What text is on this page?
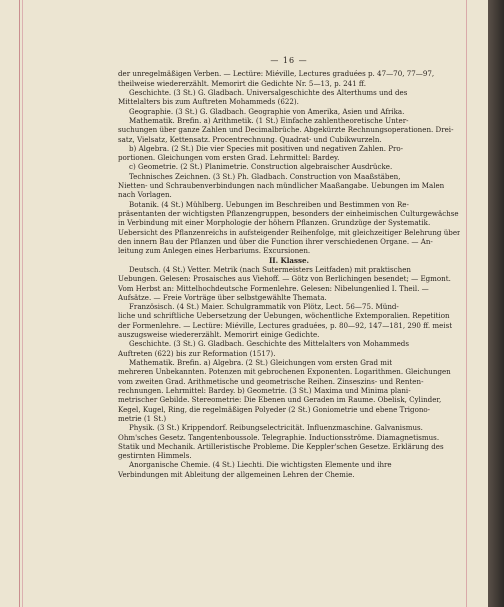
— 16 —
der unregelmäßigen Verben. — Lectüre: Miéville, Lectures graduées p. 47—70, 77—97,
theilweise wiedererzählt. Memorirt die Gedichte Nr. 5—13, p. 241 ff.
Geschichte. (3 St.) G. Gladbach. Universalgeschichte des Alterthums und des
Mittelalters bis zum Auftreten Mohammeds (622).
Geographie. (3 St.) G. Gladbach. Geographie von Amerika, Asien und Afrika.
Mathematik. Brefin. a) Arithmetik. (1 St.) Einfache zahlentheoretische Unter-
suchungen über ganze Zahlen und Decimalbrüche. Abgekürzte Rechnungsoperationen. Drei-
satz, Vielsatz, Kettensatz. Procentrechnung. Quadrat- und Cubikwurzeln.
b) Algebra. (2 St.) Die vier Species mit positiven und negativen Zahlen. Pro-
portionen. Gleichungen vom ersten Grad. Lehrmittel: Bardey.
c) Geometrie. (2 St.) Planimetrie. Construction algebraischer Ausdrücke.
Technisches Zeichnen. (3 St.) Ph. Gladbach. Construction von Maaßstäben,
Nietten- und Schraubenverbindungen nach mündlicher Maaßangabe. Uebungen im Malen
nach Vorlagen.
Botanik. (4 St.) Mühlberg. Uebungen im Beschreiben und Bestimmen von Re-
präsentanten der wichtigsten Pflanzengruppen, besonders der einheimischen Culturgewächse
in Verbindung mit einer Morphologie der höhern Pflanzen. Grundzüge der Systematik.
Uebersicht des Pflanzenreichs in aufsteigender Reihenfolge, mit gleichzeitiger Belehrung über
den innern Bau der Pflanzen und über die Function ihrer verschiedenen Organe. — An-
leitung zum Anlegen eines Herbariums. Excursionen.
II. Klasse.
Deutsch. (4 St.) Vetter. Metrik (nach Sutermeisters Leitfaden) mit praktischen
Uebungen. Gelesen: Prosaisches aus Viehoff. — Götz von Berlichingen besendet; — Egmont.
Vom Herbst an: Mittelhochdeutsche Formenlehre. Gelesen: Nibelungenlied I. Theil. —
Aufsätze. — Freie Vorträge über selbstgewählte Themata.
Französisch. (4 St.) Maier. Schulgrammatik von Plötz, Lect. 56—75. Münd-
liche und schriftliche Uebersetzung der Uebungen, wöchentliche Extemporalien. Repetition
der Formenlehre. — Lectüre: Miéville, Lectures graduées, p. 80—92, 147—181, 290 ff. meist
auszugsweise wiedererzählt. Memorirt einige Gedichte.
Geschichte. (3 St.) G. Gladbach. Geschichte des Mittelalters von Mohammeds
Auftreten (622) bis zur Reformation (1517).
Mathematik. Brefin. a) Algebra. (2 St.) Gleichungen vom ersten Grad mit
mehreren Unbekannten. Potenzen mit gebrochenen Exponenten. Logarithmen. Gleichungen
vom zweiten Grad. Arithmetische und geometrische Reihen. Zinseszins- und Renten-
rechnungen. Lehrmittel: Bardey. b) Geometrie. (3 St.) Maxima und Minima plani-
metrischer Gebilde. Stereometrie: Die Ebenen und Geraden im Raume. Obelisk, Cylinder,
Kegel, Kugel, Ring, die regelmäßigen Polyeder (2 St.) Goniometrie und ebene Trigono-
metrie (1 St.)
Physik. (3 St.) Krippendorf. Reibungselectricität. Influenzmaschine. Galvanismus.
Ohm'sches Gesetz. Tangentenboussole. Telegraphie. Inductionsströme. Diamagnetismus.
Statik und Mechanik. Artilleristische Probleme. Die Keppler'schen Gesetze. Erklärung des
gestirnten Himmels.
Anorganische Chemie. (4 St.) Liechti. Die wichtigsten Elemente und ihre
Verbindungen mit Ableitung der allgemeinen Lehren der Chemie.
